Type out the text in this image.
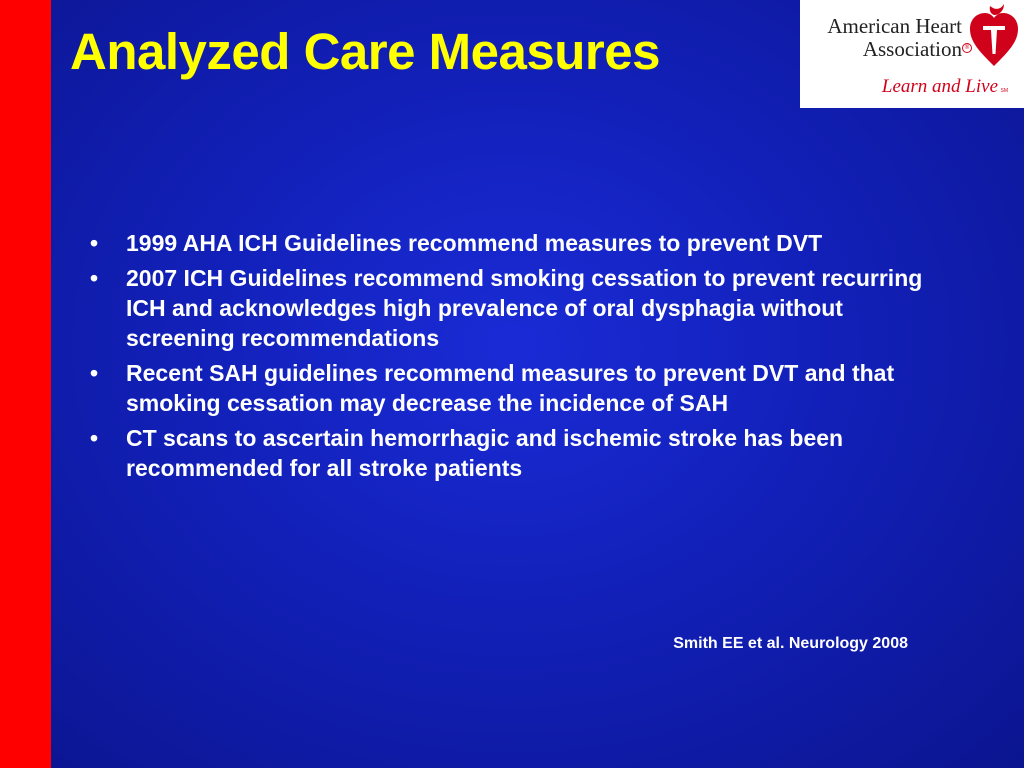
Analyzed Care Measures	American Heart
Association ®
Learn and Live SM
• 1999 AHA ICH Guidelines recommend measures to prevent DVT
• 2007 ICH Guidelines recommend smoking cessation to prevent recurring ICH and acknowledges high prevalence of oral dysphagia without screening recommendations
• Recent SAH guidelines recommend measures to prevent DVT and that smoking cessation may decrease the incidence of SAH
• CT scans to ascertain hemorrhagic and ischemic stroke has been recommended for all stroke patients
Smith EE et al. Neurology 2008
